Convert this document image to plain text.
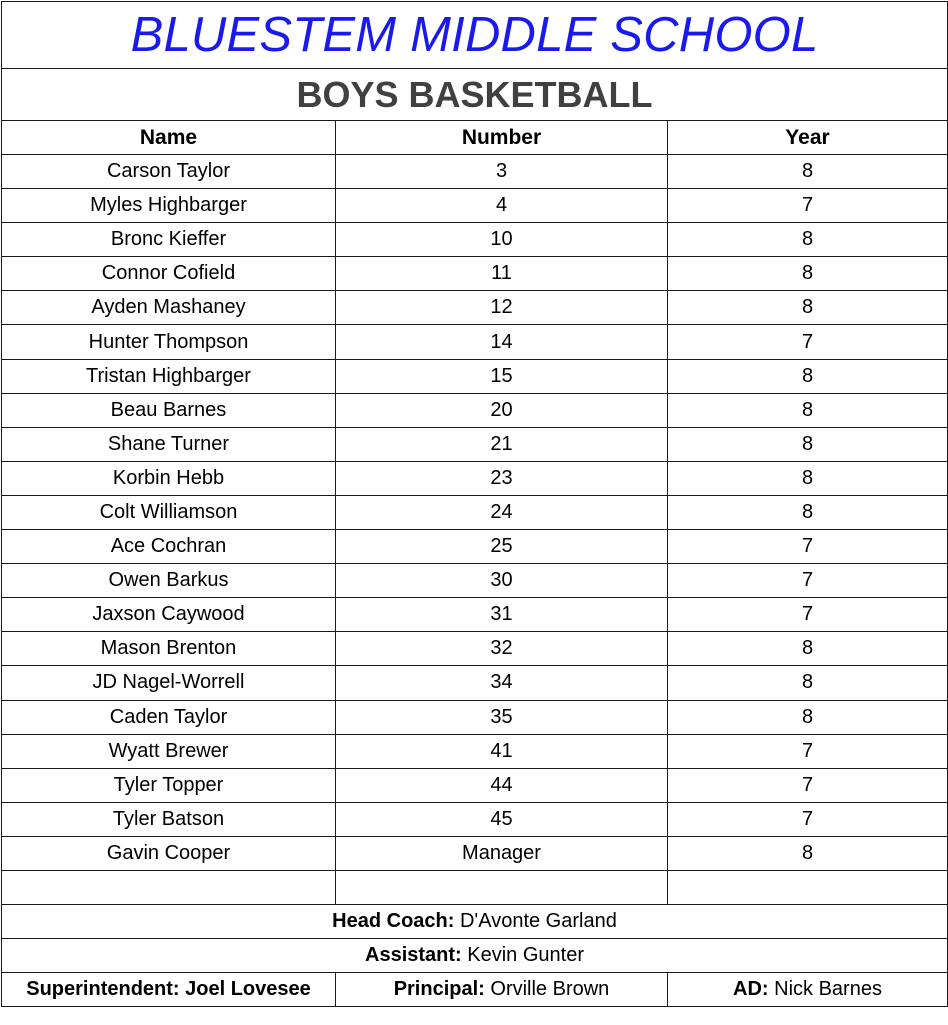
BLUESTEM MIDDLE SCHOOL		
BOYS BASKETBALL		
Name	Number	Year
Carson Taylor	3	8
Myles Highbarger	4	7
Bronc Kieffer	10	8
Connor Cofield	11	8
Ayden Mashaney	12	8
Hunter Thompson	14	7
Tristan Highbarger	15	8
Beau Barnes	20	8
Shane Turner	21	8
Korbin Hebb	23	8
Colt Williamson	24	8
Ace Cochran	25	7
Owen Barkus	30	7
Jaxson Caywood	31	7
Mason Brenton	32	8
JD Nagel-Worrell	34	8
Caden Taylor	35	8
Wyatt Brewer	41	7
Tyler Topper	44	7
Tyler Batson	45	7
Gavin Cooper	Manager	8

Head Coach: D'Avonte Garland		
Assistant: Kevin Gunter		
Superintendent: Joel Lovesee	Principal: Orville Brown	AD: Nick Barnes
